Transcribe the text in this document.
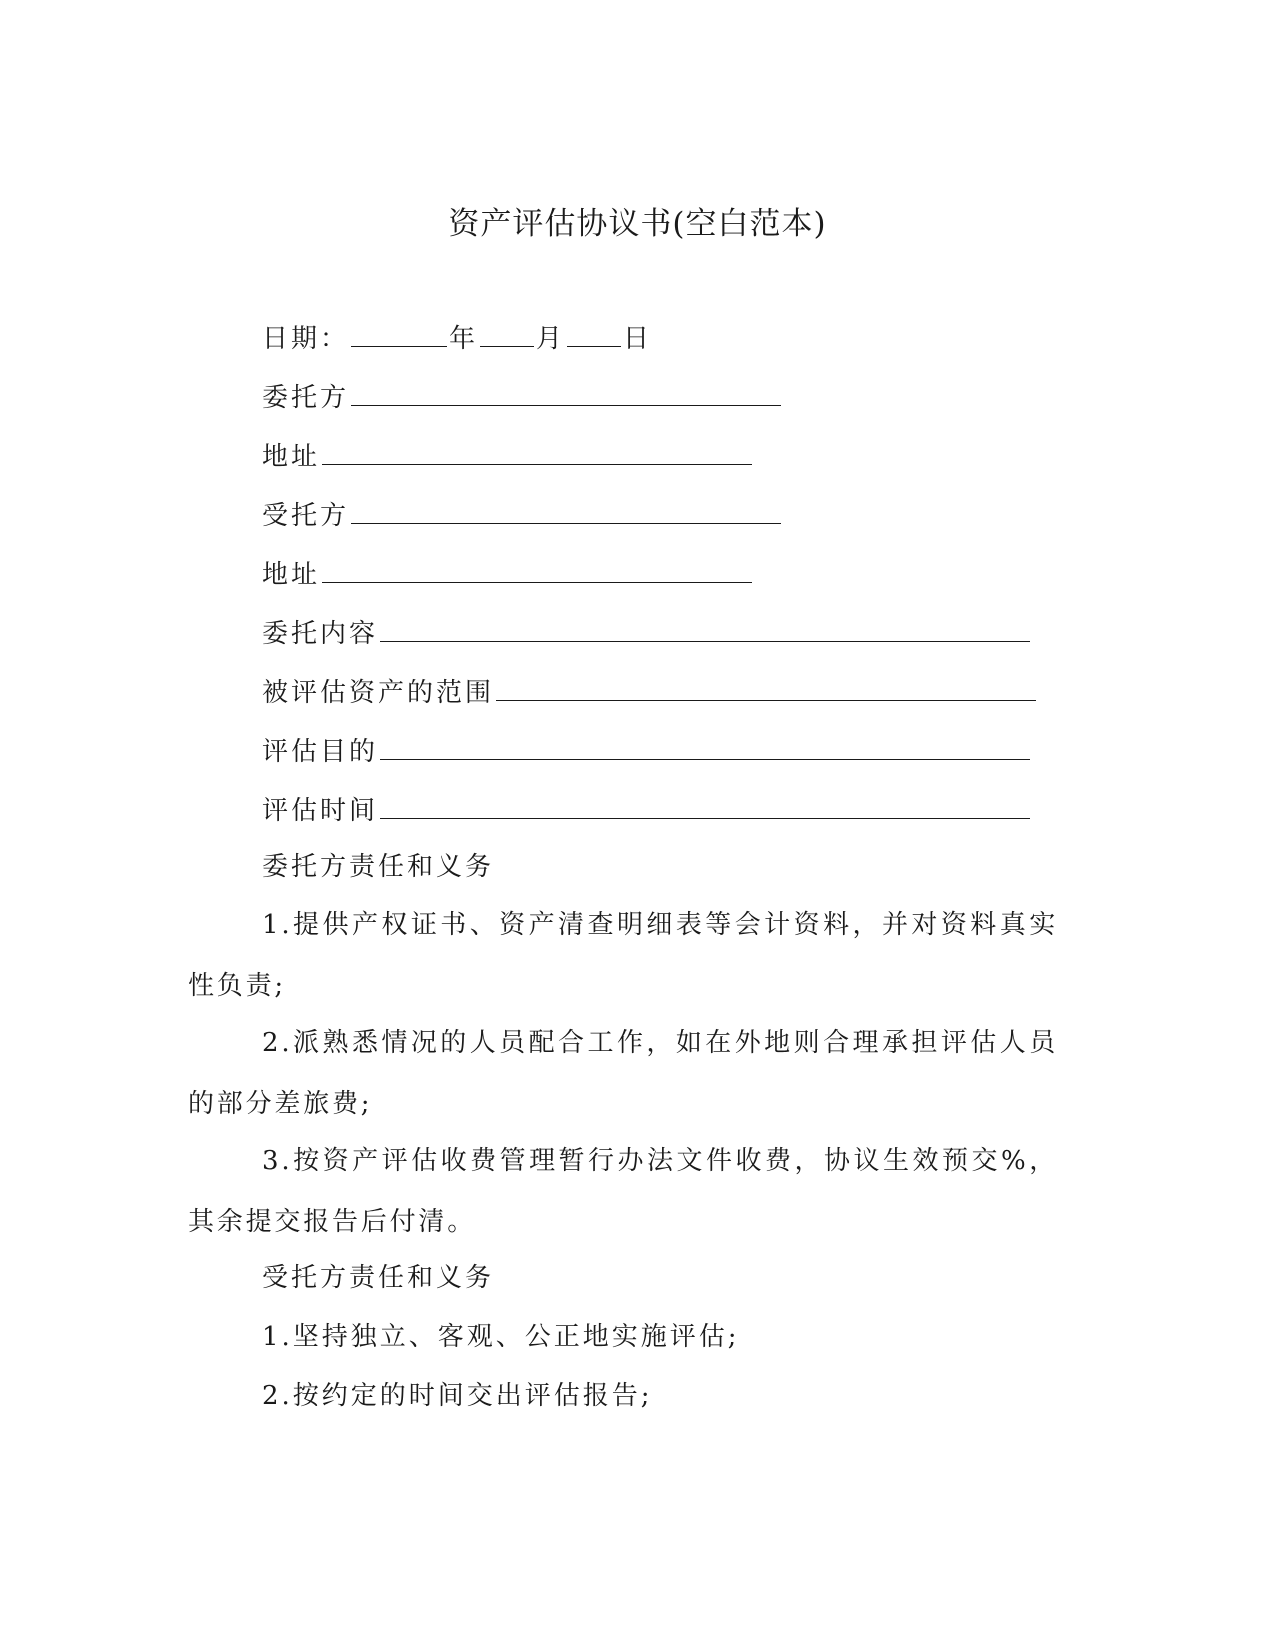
资产评估协议书(空白范本)
日期：	年 月 日
委托方
地址
受托方
地址
委托内容
被评估资产的范围
评估目的
评估时间
委托方责任和义务
1.提供产权证书、资产清查明细表等会计资料，并对资料真实性负责;
2.派熟悉情况的人员配合工作，如在外地则合理承担评估人员的部分差旅费;
3.按资产评估收费管理暂行办法文件收费，协议生效预交%，其余提交报告后付清。
受托方责任和义务
1.坚持独立、客观、公正地实施评估;
2.按约定的时间交出评估报告;
